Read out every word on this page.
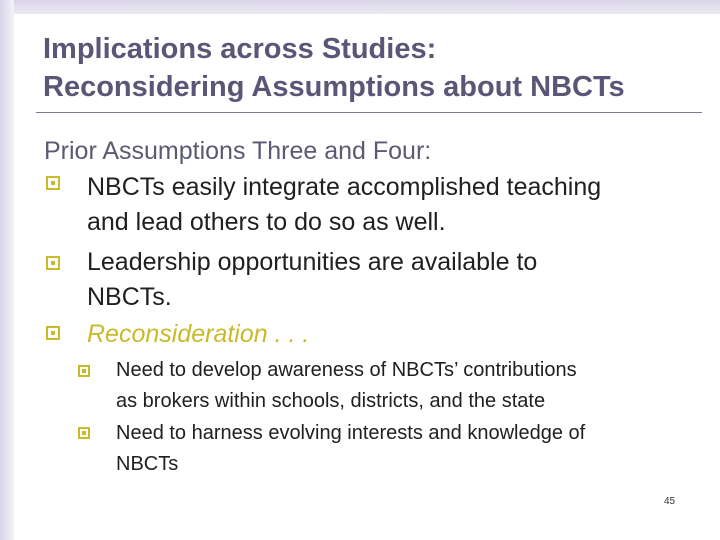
Implications across Studies:
Reconsidering Assumptions about NBCTs
Prior Assumptions Three and Four:
NBCTs easily integrate accomplished teaching
and lead others to do so as well.
Leadership opportunities are available to
NBCTs.
Reconsideration . . .
Need to develop awareness of NBCTs’ contributions
as brokers within schools, districts, and the state
Need to harness evolving interests and knowledge of
NBCTs
45
